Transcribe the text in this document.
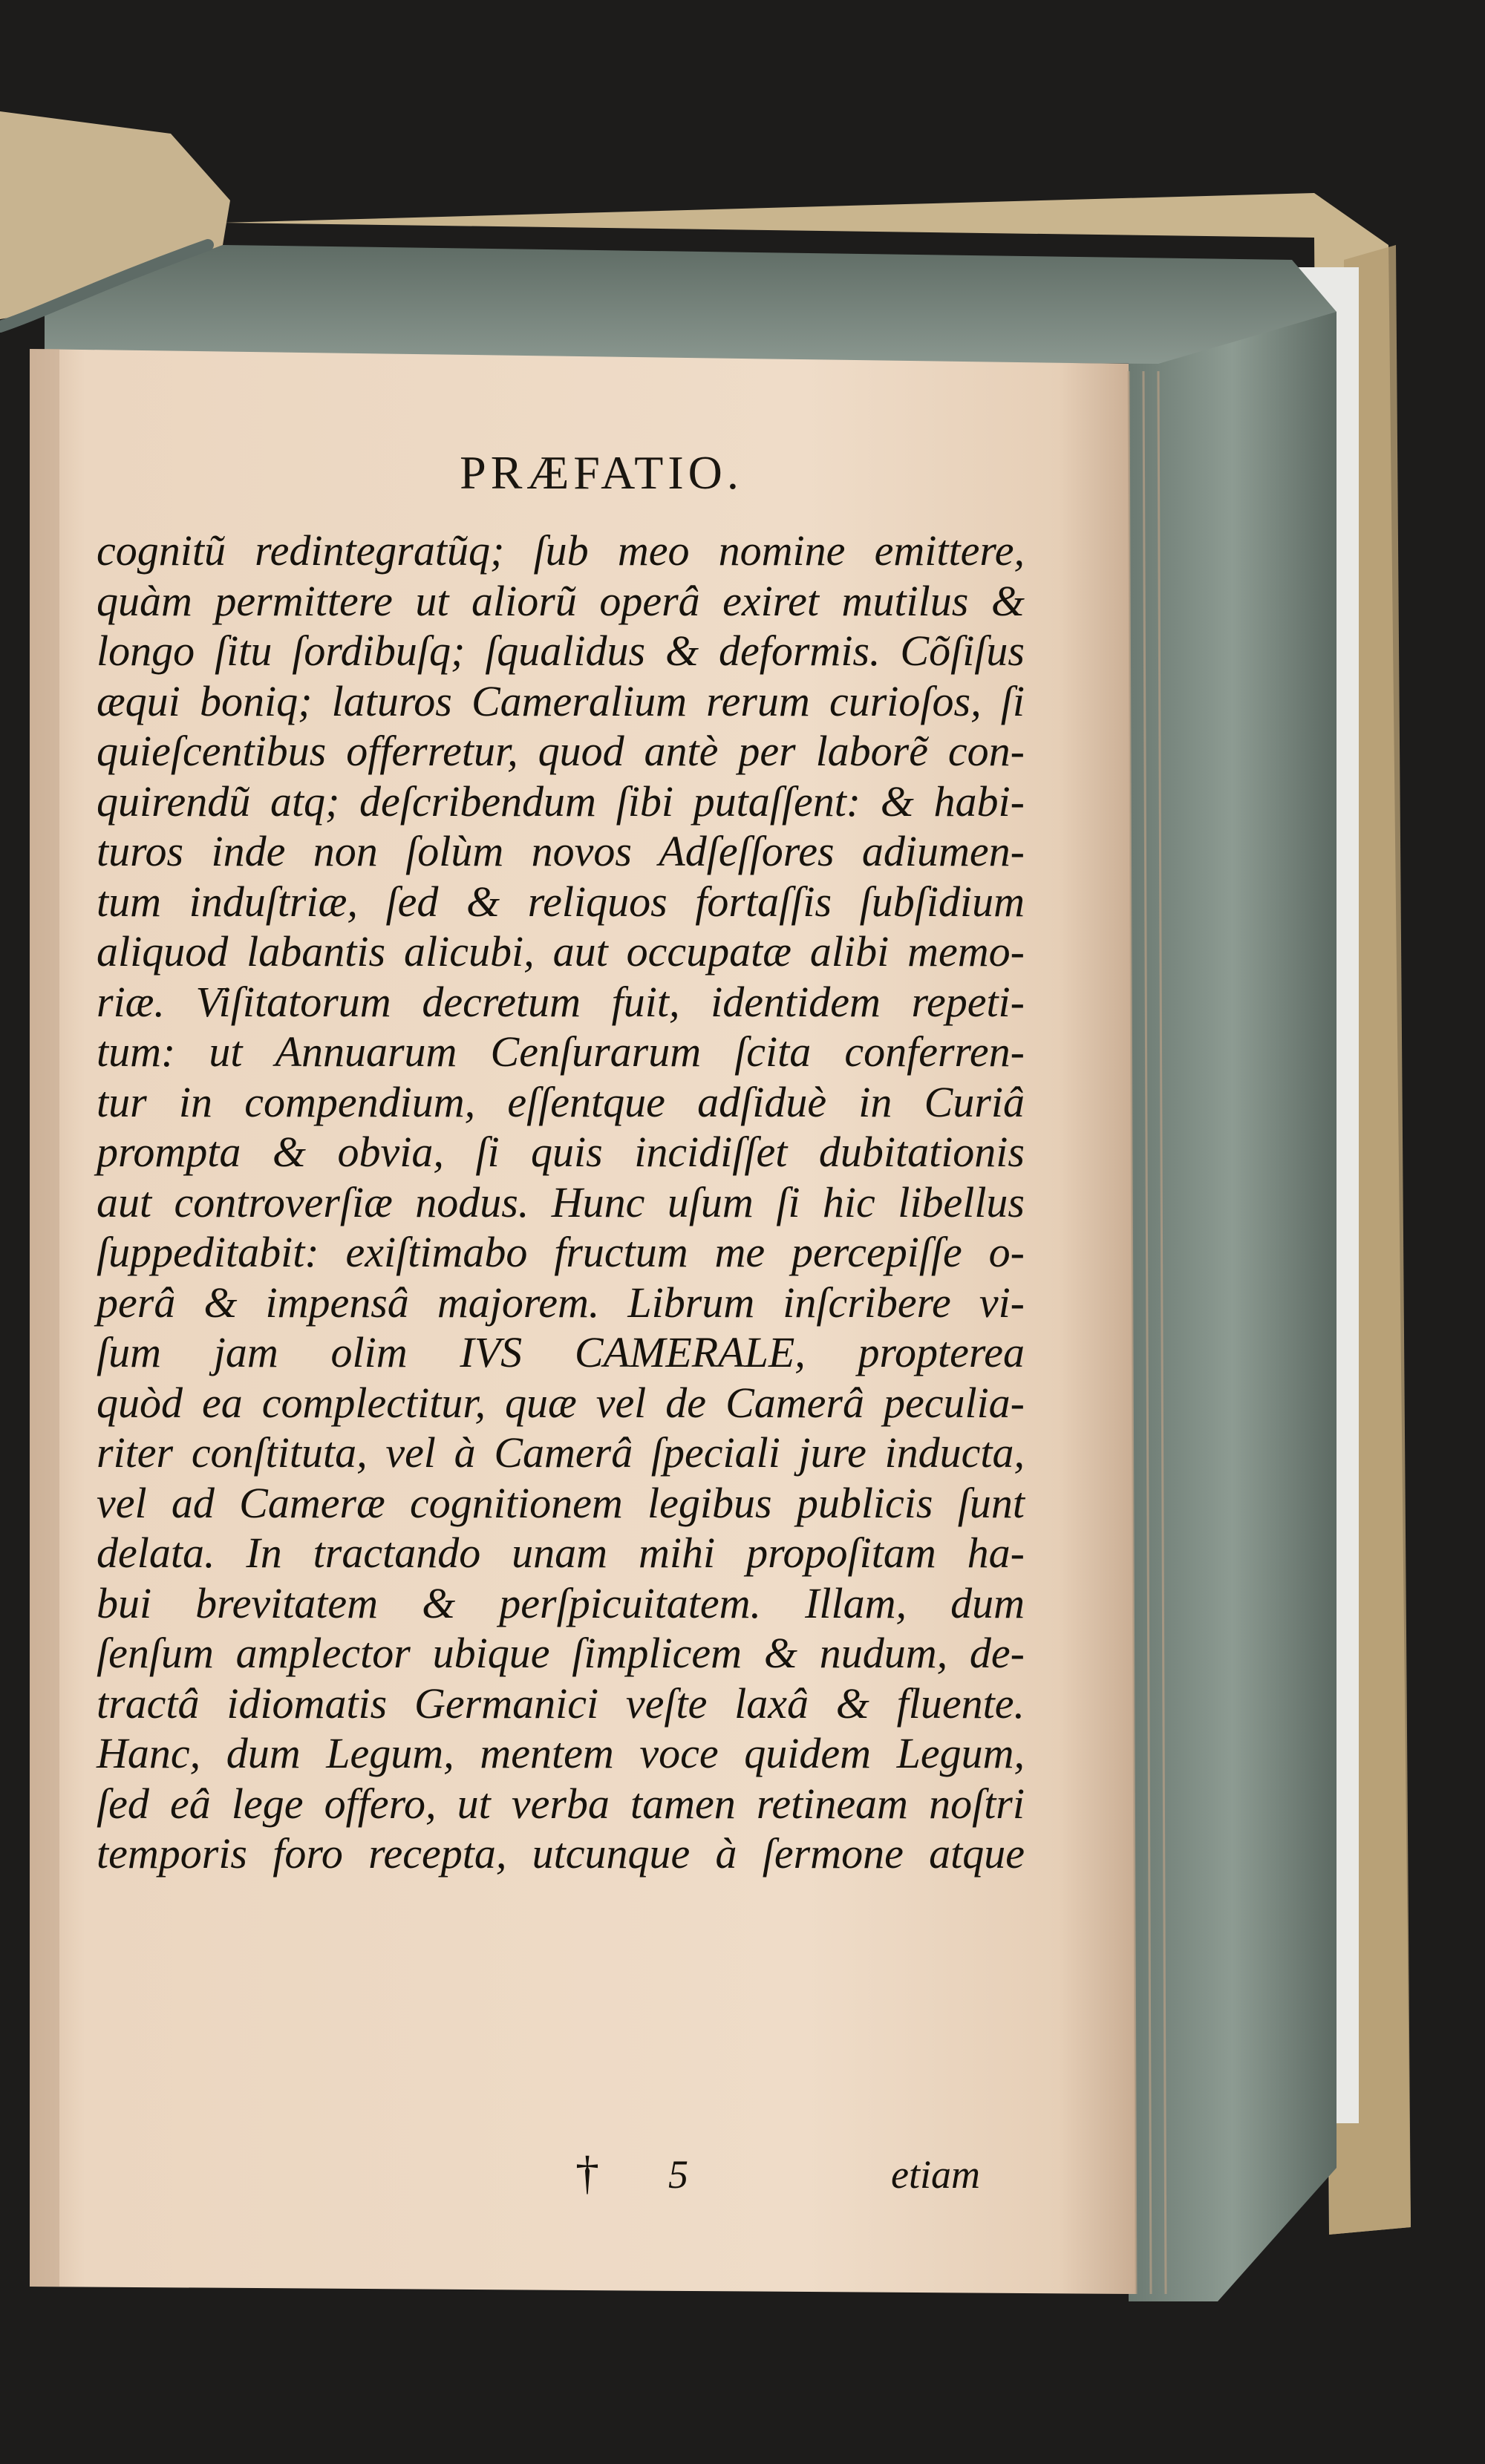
PRÆFATIO.
cognitũ redintegratũq; ſub meo nomine emittere,
quàm permittere ut aliorũ operâ exiret mutilus &
longo ſitu ſordibuſq; ſqualidus & deformis. Cõſiſus
æqui boniq; laturos Cameralium rerum curioſos, ſi
quieſcentibus offerretur, quod antè per laborẽ con-
quirendũ atq; deſcribendum ſibi putaſſent: & habi-
turos inde non ſolùm novos Adſeſſores adiumen-
tum induſtriæ, ſed & reliquos fortaſſis ſubſidium
aliquod labantis alicubi, aut occupatæ alibi memo-
riæ. Viſitatorum decretum fuit, identidem repeti-
tum: ut Annuarum Cenſurarum ſcita conferren-
tur in compendium, eſſentque adſiduè in Curiâ
prompta & obvia, ſi quis incidiſſet dubitationis
aut controverſiæ nodus. Hunc uſum ſi hic libellus
ſuppeditabit: exiſtimabo fructum me percepiſſe o-
perâ & impensâ majorem. Librum inſcribere vi-
ſum jam olim IVS CAMERALE, propterea
quòd ea complectitur, quæ vel de Camerâ peculia-
riter conſtituta, vel à Camerâ ſpeciali jure inducta,
vel ad Cameræ cognitionem legibus publicis ſunt
delata. In tractando unam mihi propoſitam ha-
bui brevitatem & perſpicuitatem. Illam, dum
ſenſum amplector ubique ſimplicem & nudum, de-
tractâ idiomatis Germanici veſte laxâ & fluente.
Hanc, dum Legum, mentem voce quidem Legum,
ſed eâ lege offero, ut verba tamen retineam noſtri
temporis foro recepta, utcunque à ſermone atque
† 5	etiam
